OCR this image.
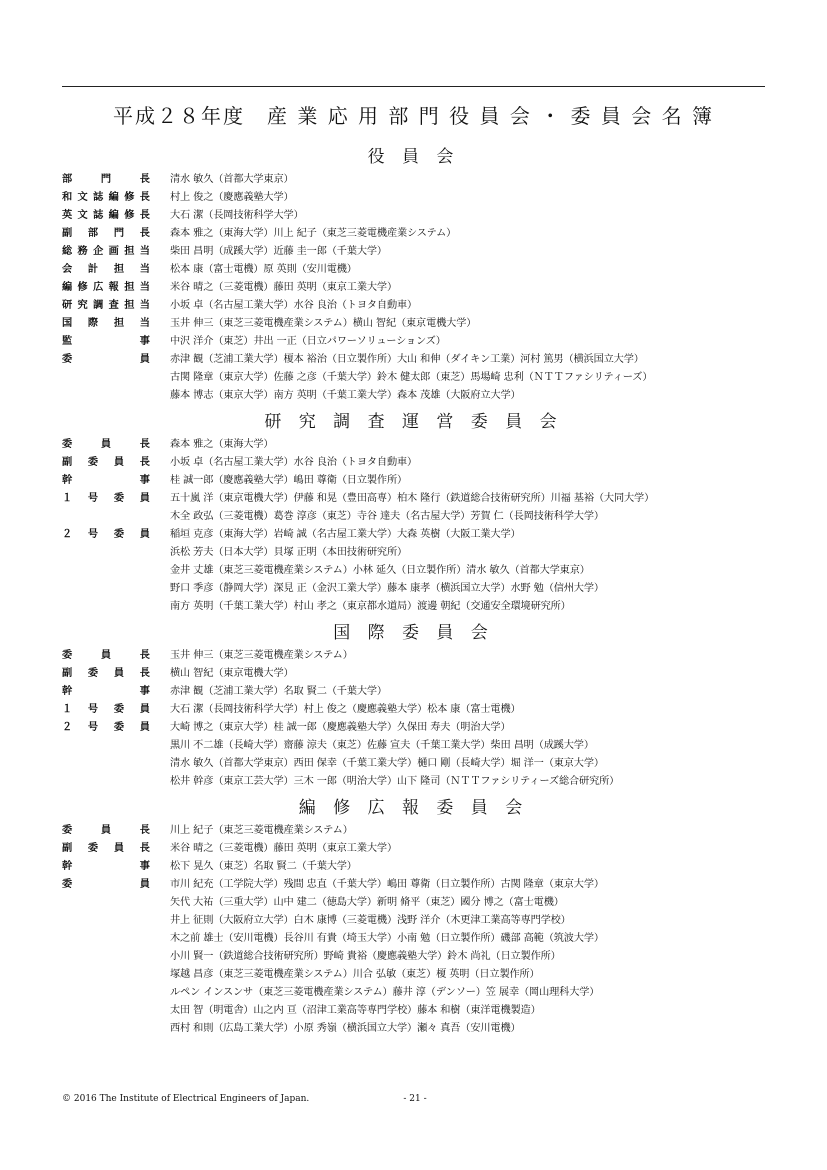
平成２８年度　産 業 応 用 部 門 役 員 会 ・ 委 員 会 名 簿
役 員 会
部　　門　　長 清水 敏久（首都大学東京）
和文誌編修長 村上 俊之（慶應義塾大学）
英文誌編修長 大石 潔（長岡技術科学大学）
副 部 門 長 森本 雅之（東海大学）川上 紀子（東芝三菱電機産業システム）
総務企画担当 柴田 昌明（成蹊大学）近藤 圭一郎（千葉大学）
会 計 担 当 松本 康（富士電機）原 英則（安川電機）
編修広報担当 米谷 晴之（三菱電機）藤田 英明（東京工業大学）
研究調査担当 小坂 卓（名古屋工業大学）水谷 良治（トヨタ自動車）
国 際 担 当 玉井 伸三（東芝三菱電機産業システム）横山 智紀（東京電機大学）
監　　　　　事 中沢 洋介（東芝）井出 一正（日立パワーソリューションズ）
委　　　　　員 赤津 観（芝浦工業大学）榎本 裕治（日立製作所）大山 和伸（ダイキン工業）河村 篤男（横浜国立大学）
古関 隆章（東京大学）佐藤 之彦（千葉大学）鈴木 健太郎（東芝）馬場崎 忠利（ＮＴＴファシリティーズ）
藤本 博志（東京大学）南方 英明（千葉工業大学）森本 茂雄（大阪府立大学）
研 究 調 査 運 営 委 員 会
委　　員　　長 森本 雅之（東海大学）
副　委　員　長 小坂 卓（名古屋工業大学）水谷 良治（トヨタ自動車）
幹　　　　　事 桂 誠一郎（慶應義塾大学）嶋田 尊衛（日立製作所）
１　号　委　員 五十嵐 洋（東京電機大学）伊藤 和晃（豊田高専）柏木 隆行（鉄道総合技術研究所）川福 基裕（大同大学）
木全 政弘（三菱電機）葛巻 淳彦（東芝）寺谷 達夫（名古屋大学）芳賀 仁（長岡技術科学大学）
２　号　委　員 稲垣 克彦（東海大学）岩崎 誠（名古屋工業大学）大森 英樹（大阪工業大学）
浜松 芳夫（日本大学）貝塚 正明（本田技術研究所）
金井 丈雄（東芝三菱電機産業システム）小林 延久（日立製作所）清水 敏久（首都大学東京）
野口 季彦（静岡大学）深見 正（金沢工業大学）藤本 康孝（横浜国立大学）水野 勉（信州大学）
南方 英明（千葉工業大学）村山 孝之（東京都水道局）渡邊 朝紀（交通安全環境研究所）
国 際 委 員 会
委　　員　　長 玉井 伸三（東芝三菱電機産業システム）
副　委　員　長 横山 智紀（東京電機大学）
幹　　　　　事 赤津 観（芝浦工業大学）名取 賢二（千葉大学）
１　号　委　員 大石 潔（長岡技術科学大学）村上 俊之（慶應義塾大学）松本 康（富士電機）
２　号　委　員 大崎 博之（東京大学）桂 誠一郎（慶應義塾大学）久保田 寿夫（明治大学）
黒川 不二雄（長崎大学）齋藤 涼夫（東芝）佐藤 宣夫（千葉工業大学）柴田 昌明（成蹊大学）
清水 敏久（首都大学東京）西田 保幸（千葉工業大学）樋口 剛（長崎大学）堀 洋一（東京大学）
松井 幹彦（東京工芸大学）三木 一郎（明治大学）山下 隆司（ＮＴＴファシリティーズ総合研究所）
編 修 広 報 委 員 会
委　　員　　長 川上 紀子（東芝三菱電機産業システム）
副　委　員　長 米谷 晴之（三菱電機）藤田 英明（東京工業大学）
幹　　　　　事 松下 晃久（東芝）名取 賢二（千葉大学）
委　　　　　員 市川 紀充（工学院大学）残間 忠直（千葉大学）嶋田 尊衛（日立製作所）古関 隆章（東京大学）
矢代 大祐（三重大学）山中 建二（徳島大学）新明 脩平（東芝）國分 博之（富士電機）
井上 征則（大阪府立大学）白木 康博（三菱電機）浅野 洋介（木更津工業高等専門学校）
木之前 雄士（安川電機）長谷川 有貴（埼玉大学）小南 勉（日立製作所）磯部 高範（筑波大学）
小川 賢一（鉄道総合技術研究所）野崎 貴裕（慶應義塾大学）鈴木 尚礼（日立製作所）
塚越 昌彦（東芝三菱電機産業システム）川合 弘敏（東芝）榎 英明（日立製作所）
ルペン インスンサ（東芝三菱電機産業システム）藤井 淳（デンソー）笠 展幸（岡山理科大学）
太田 智（明電舎）山之内 亘（沼津工業高等専門学校）藤本 和樹（東洋電機製造）
西村 和則（広島工業大学）小原 秀嶺（横浜国立大学）瀬々 真吾（安川電機）
© 2016 The Institute of Electrical Engineers of Japan.	- 21 -
